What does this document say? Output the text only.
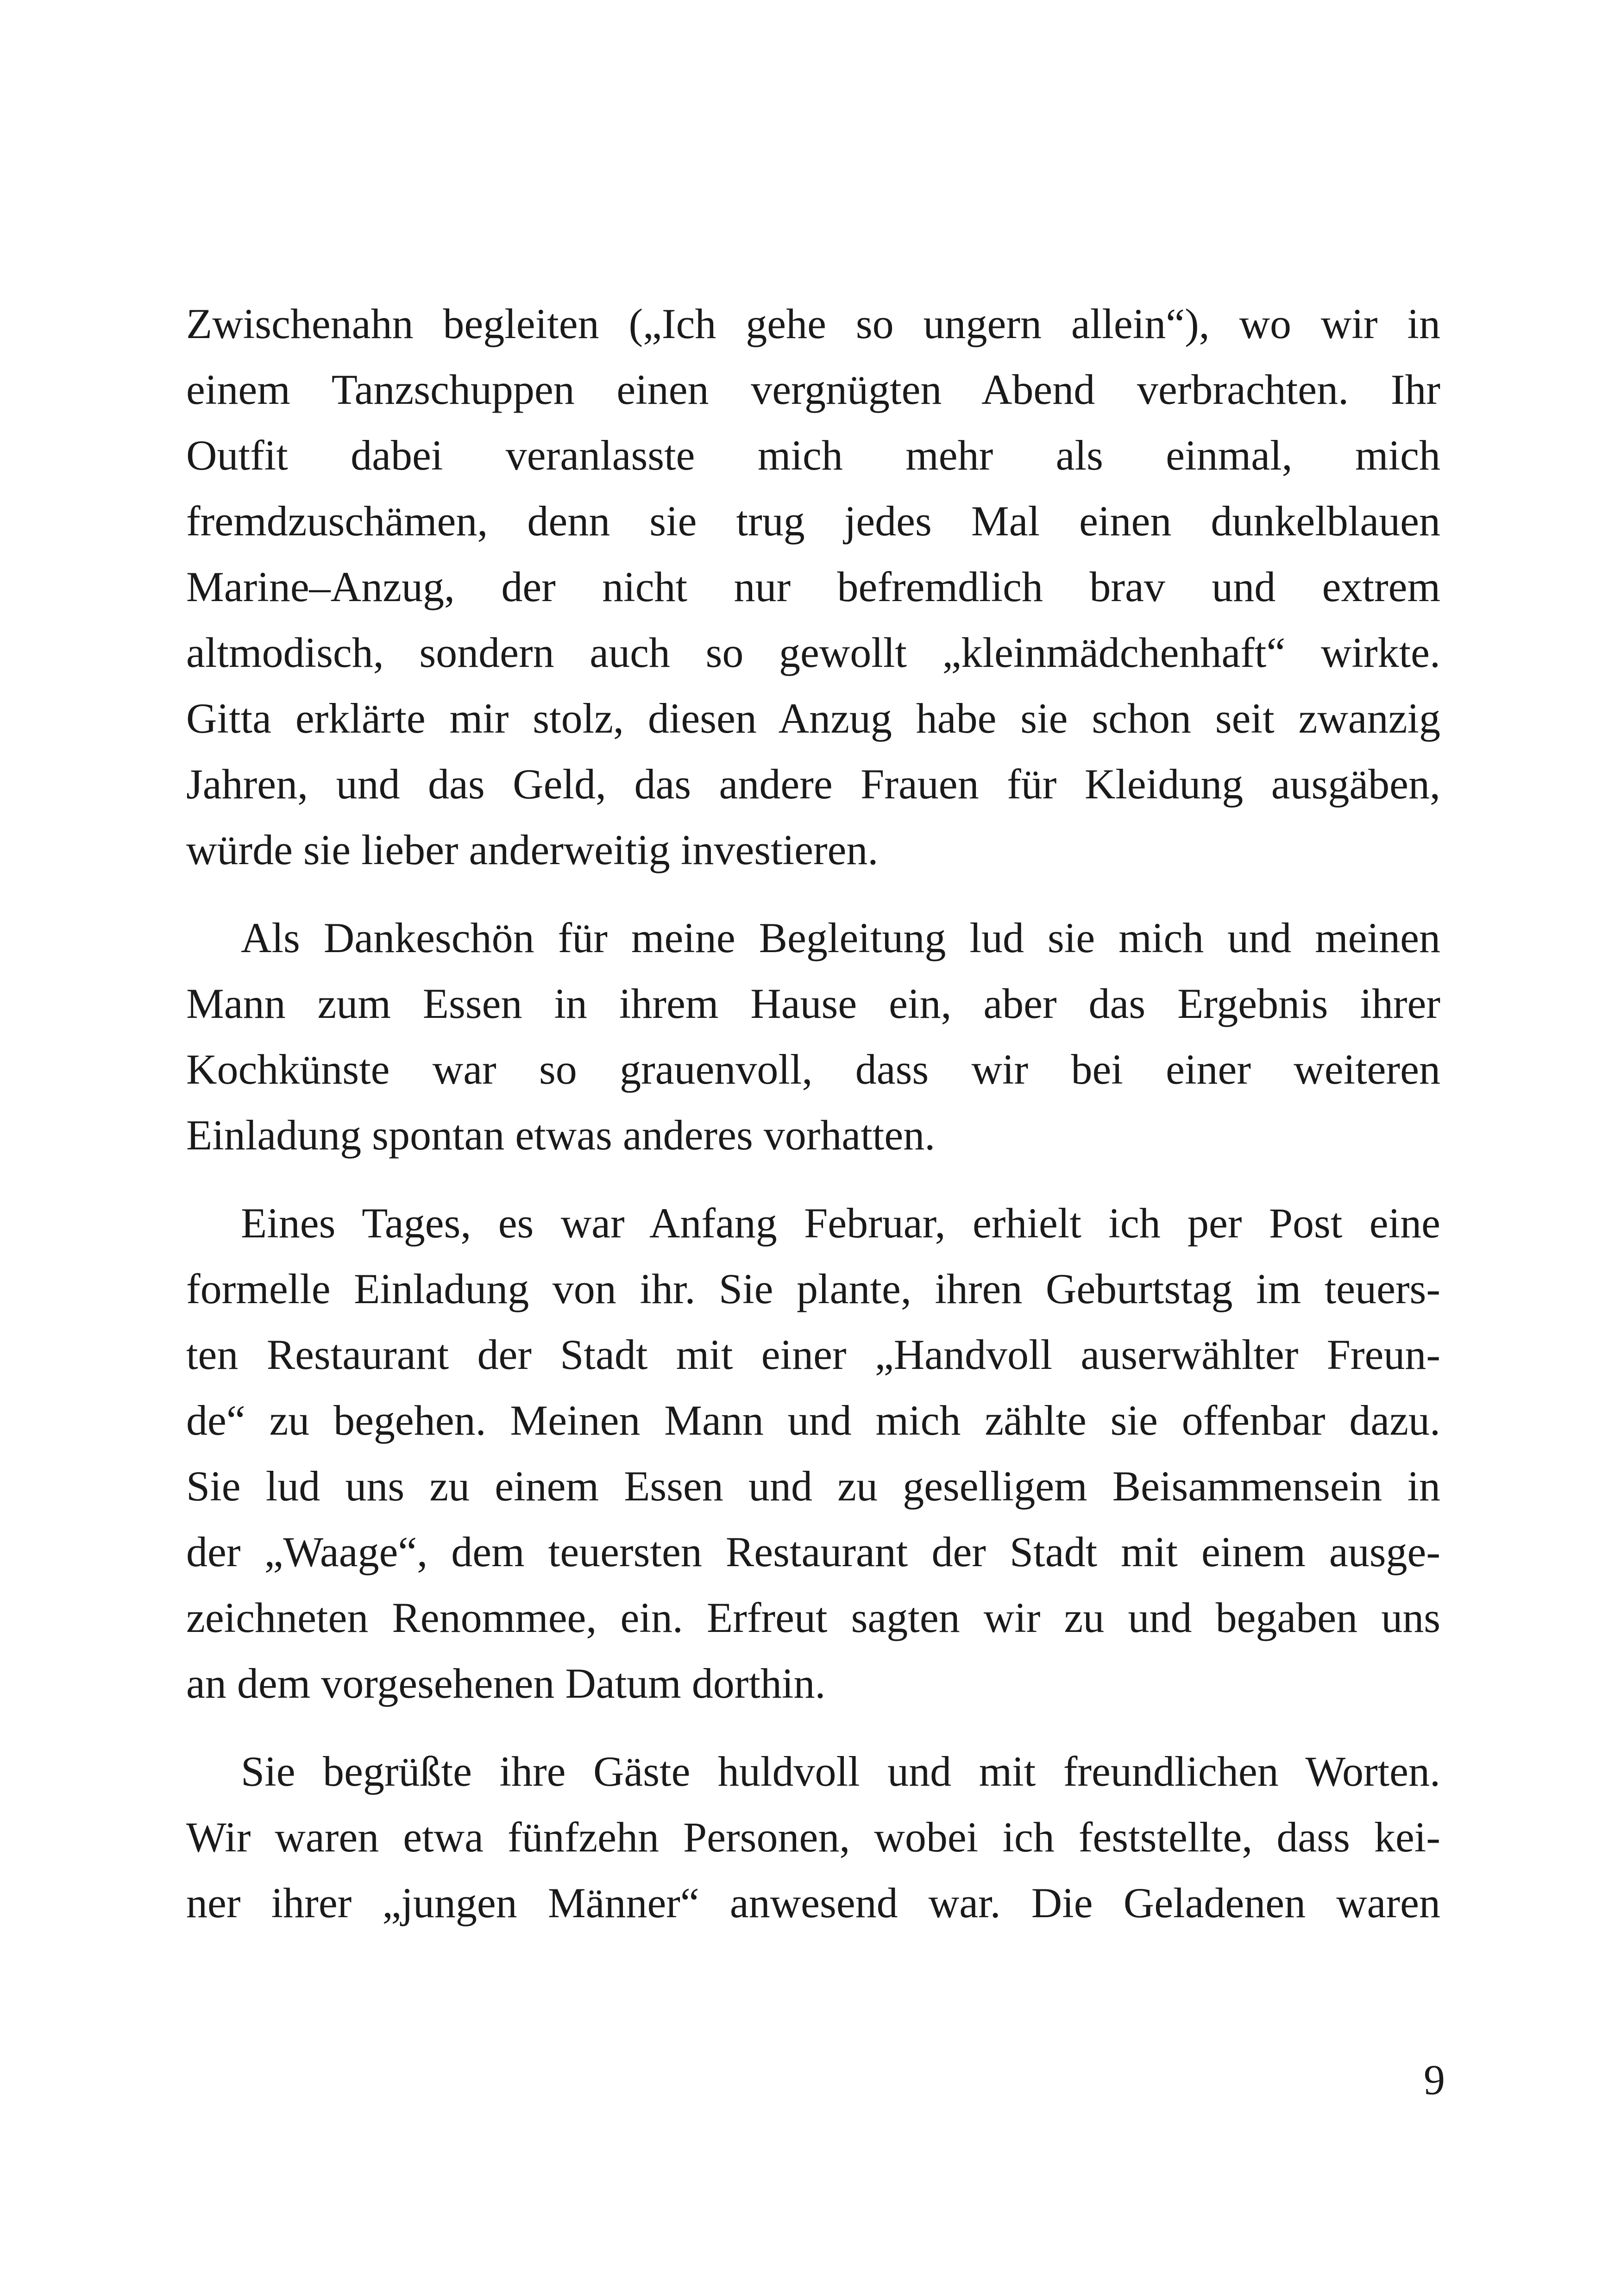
Zwischenahn begleiten („Ich gehe so ungern allein“), wo wir in
einem Tanzschuppen einen vergnügten Abend verbrachten. Ihr
Outfit dabei veranlasste mich mehr als einmal, mich
fremdzuschämen, denn sie trug jedes Mal einen dunkelblauen
Marine–Anzug, der nicht nur befremdlich brav und extrem
altmodisch, sondern auch so gewollt „kleinmädchenhaft“ wirkte.
Gitta erklärte mir stolz, diesen Anzug habe sie schon seit zwanzig
Jahren, und das Geld, das andere Frauen für Kleidung ausgäben,
würde sie lieber anderweitig investieren.
Als Dankeschön für meine Begleitung lud sie mich und meinen
Mann zum Essen in ihrem Hause ein, aber das Ergebnis ihrer
Kochkünste war so grauenvoll, dass wir bei einer weiteren
Einladung spontan etwas anderes vorhatten.
Eines Tages, es war Anfang Februar, erhielt ich per Post eine
formelle Einladung von ihr. Sie plante, ihren Geburtstag im teuers-
ten Restaurant der Stadt mit einer „Handvoll auserwählter Freun-
de“ zu begehen. Meinen Mann und mich zählte sie offenbar dazu.
Sie lud uns zu einem Essen und zu geselligem Beisammensein in
der „Waage“, dem teuersten Restaurant der Stadt mit einem ausge-
zeichneten Renommee, ein. Erfreut sagten wir zu und begaben uns
an dem vorgesehenen Datum dorthin.
Sie begrüßte ihre Gäste huldvoll und mit freundlichen Worten.
Wir waren etwa fünfzehn Personen, wobei ich feststellte, dass kei-
ner ihrer „jungen Männer“ anwesend war. Die Geladenen waren
9
